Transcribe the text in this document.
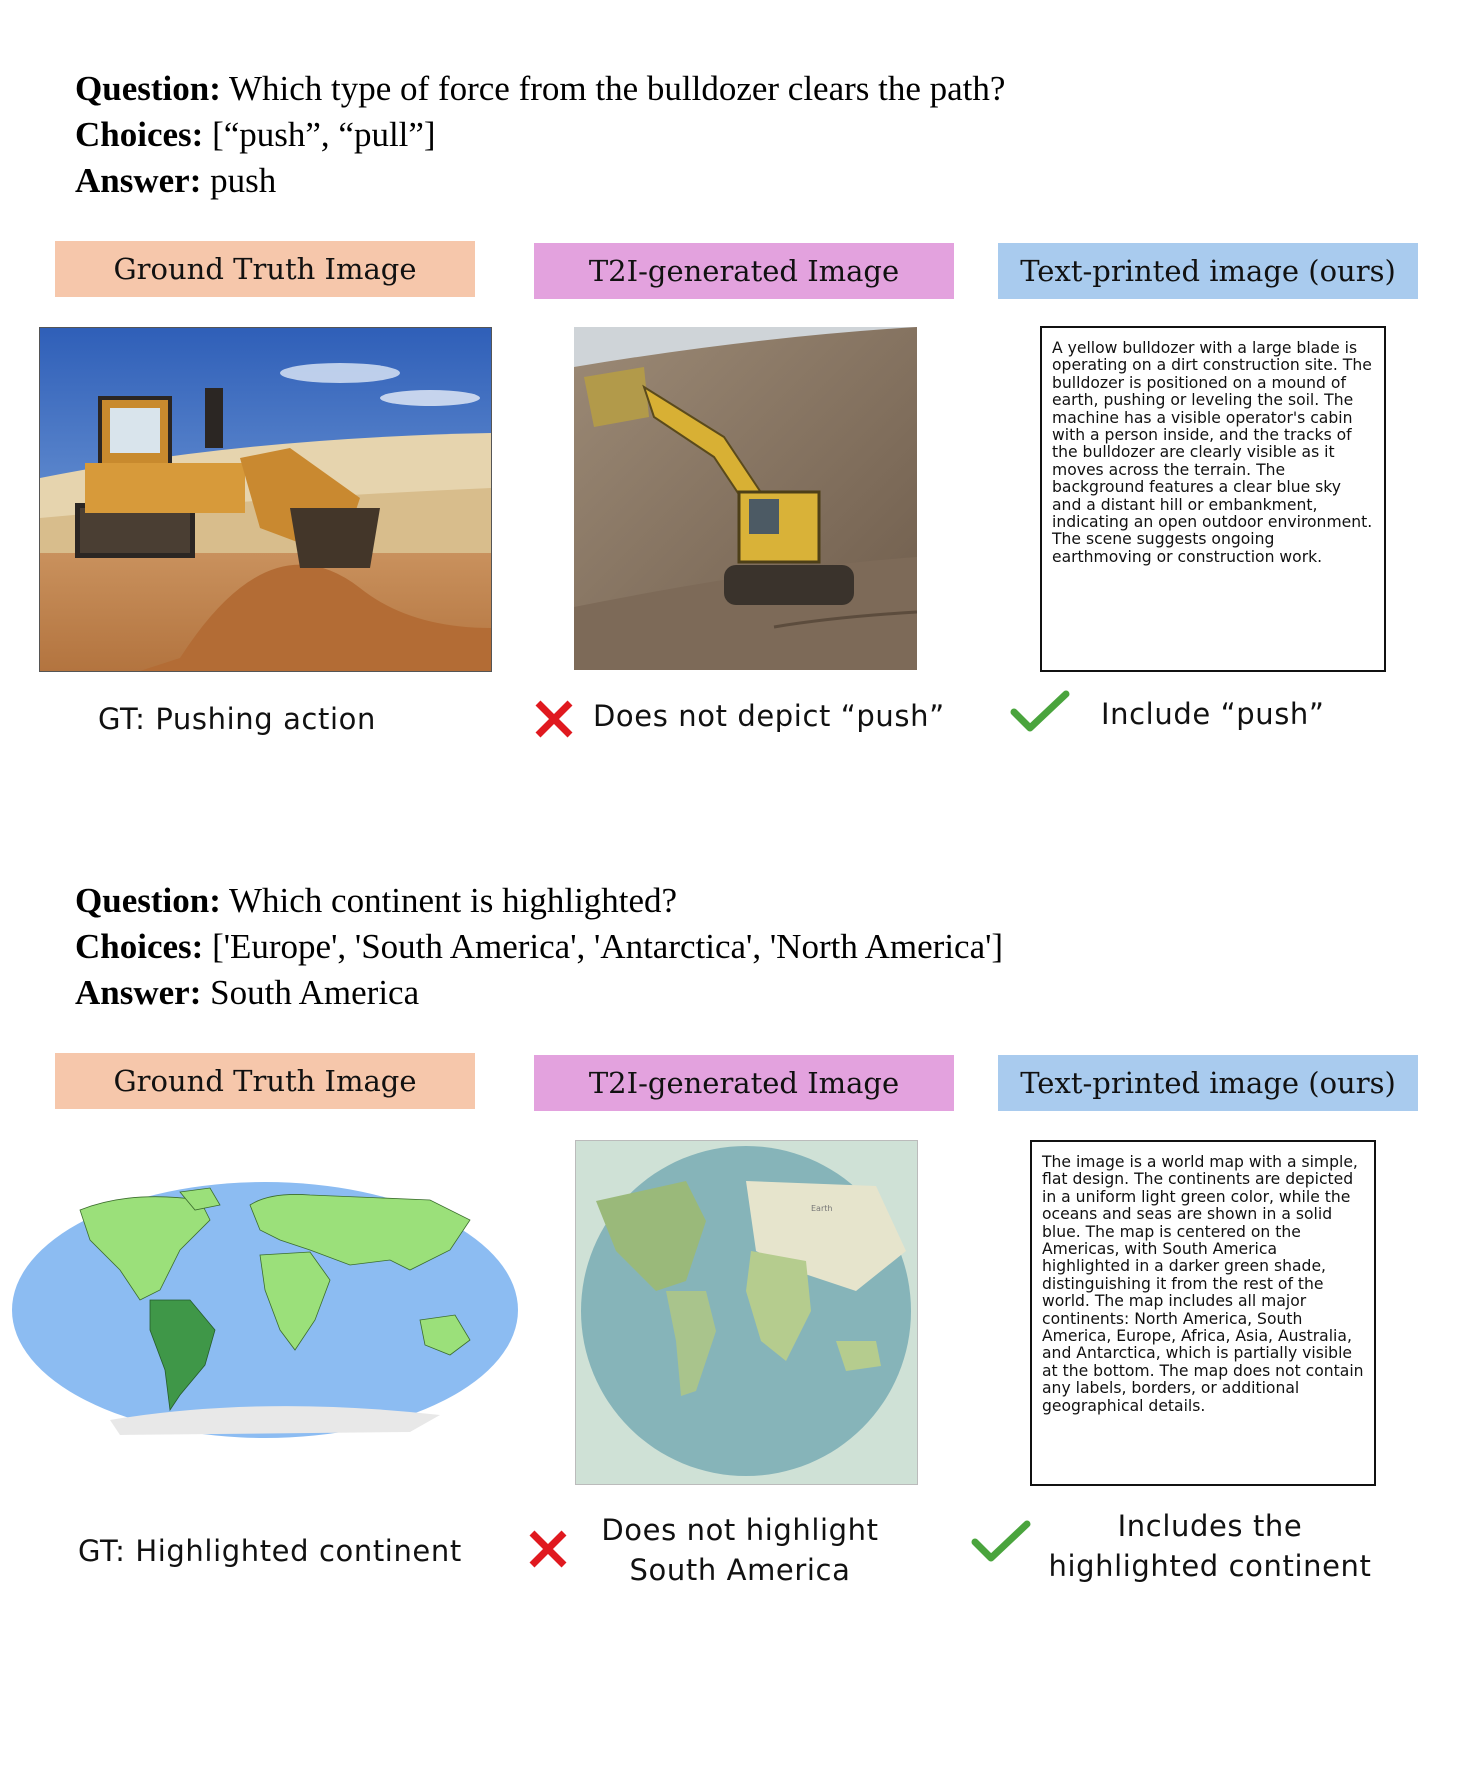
Question: Which type of force from the bulldozer clears the path?
Choices: [“push”, “pull”]
Answer: push
Ground Truth Image	T2I-generated Image	Text-printed image (ours)
A yellow bulldozer with a large blade is operating on a dirt construction site. The bulldozer is positioned on a mound of earth, pushing or leveling the soil. The machine has a visible operator's cabin with a person inside, and the tracks of the bulldozer are clearly visible as it moves across the terrain. The background features a clear blue sky and a distant hill or embankment, indicating an open outdoor environment. The scene suggests ongoing earthmoving or construction work.
GT: Pushing action	Does not depict “push”	Include “push”
Question: Which continent is highlighted?
Choices: ['Europe', 'South America', 'Antarctica', 'North America']
Answer: South America
Ground Truth Image	T2I-generated Image	Text-printed image (ours)
Earth
The image is a world map with a simple, flat design. The continents are depicted in a uniform light green color, while the oceans and seas are shown in a solid blue. The map is centered on the Americas, with South America highlighted in a darker green shade, distinguishing it from the rest of the world. The map includes all major continents: North America, South America, Europe, Africa, Asia, Australia, and Antarctica, which is partially visible at the bottom. The map does not contain any labels, borders, or additional geographical details.
GT: Highlighted continent
Does not highlight
South America
Includes the
highlighted continent
